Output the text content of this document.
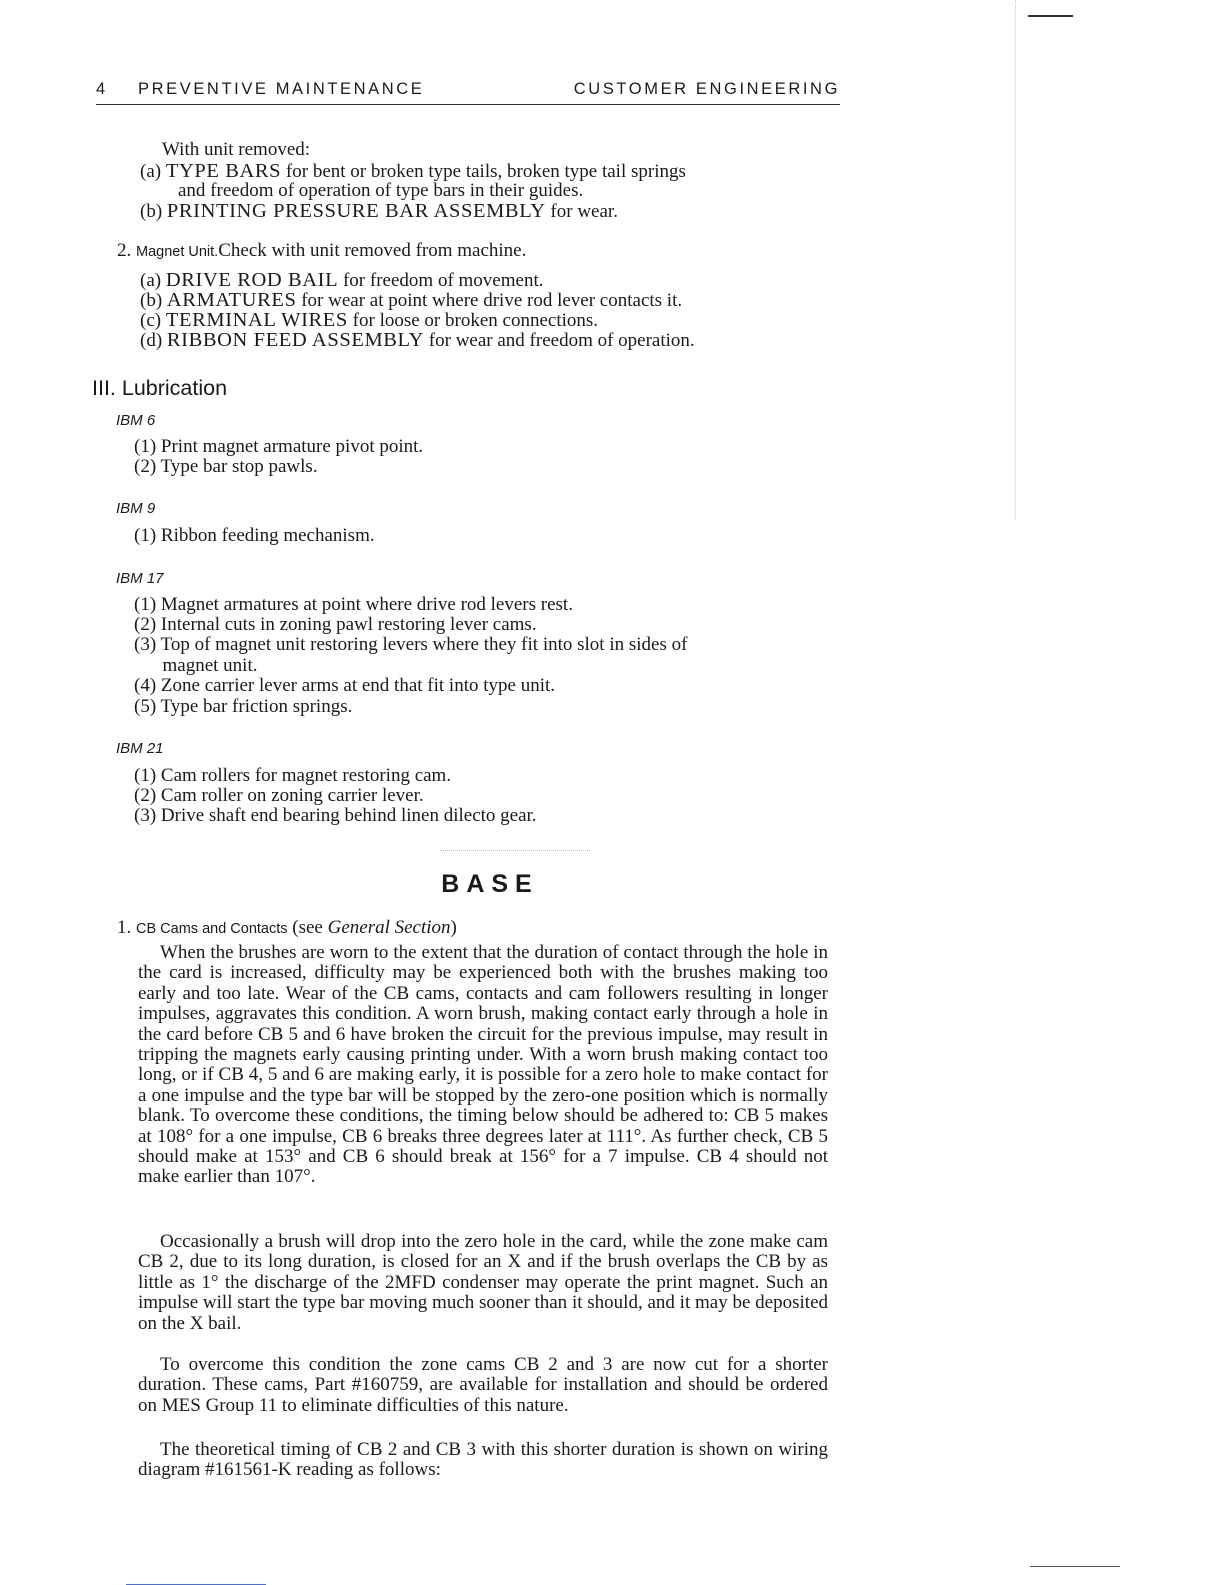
4 PREVENTIVE MAINTENANCE	CUSTOMER ENGINEERING
With unit removed:
(a) TYPE BARS for bent or broken type tails, broken type tail springs
and freedom of operation of type bars in their guides.
(b) PRINTING PRESSURE BAR ASSEMBLY for wear.
2. Magnet Unit.Check with unit removed from machine.
(a) DRIVE ROD BAIL for freedom of movement.
(b) ARMATURES for wear at point where drive rod lever contacts it.
(c) TERMINAL WIRES for loose or broken connections.
(d) RIBBON FEED ASSEMBLY for wear and freedom of operation.
III. Lubrication
IBM 6
(1) Print magnet armature pivot point.
(2) Type bar stop pawls.
IBM 9
(1) Ribbon feeding mechanism.
IBM 17
(1) Magnet armatures at point where drive rod levers rest.
(2) Internal cuts in zoning pawl restoring lever cams.
(3) Top of magnet unit restoring levers where they fit into slot in sides of
magnet unit.
(4) Zone carrier lever arms at end that fit into type unit.
(5) Type bar friction springs.
IBM 21
(1) Cam rollers for magnet restoring cam.
(2) Cam roller on zoning carrier lever.
(3) Drive shaft end bearing behind linen dilecto gear.
BASE
1. CB Cams and Contacts (see General Section)
When the brushes are worn to the extent that the duration of contact through the hole in the card is increased, difficulty may be experienced both with the brushes making too early and too late. Wear of the CB cams, contacts and cam followers resulting in longer impulses, aggravates this condition. A worn brush, making contact early through a hole in the card before CB 5 and 6 have broken the circuit for the previous impulse, may result in tripping the magnets early causing printing under. With a worn brush making contact too long, or if CB 4, 5 and 6 are making early, it is possible for a zero hole to make contact for a one impulse and the type bar will be stopped by the zero-one position which is normally blank. To overcome these conditions, the timing below should be adhered to: CB 5 makes at 108° for a one impulse, CB 6 breaks three degrees later at 111°. As further check, CB 5 should make at 153° and CB 6 should break at 156° for a 7 impulse. CB 4 should not make earlier than 107°.
Occasionally a brush will drop into the zero hole in the card, while the zone make cam CB 2, due to its long duration, is closed for an X and if the brush overlaps the CB by as little as 1° the discharge of the 2MFD condenser may operate the print magnet. Such an impulse will start the type bar moving much sooner than it should, and it may be deposited on the X bail.
To overcome this condition the zone cams CB 2 and 3 are now cut for a shorter duration. These cams, Part #160759, are available for installation and should be ordered on MES Group 11 to eliminate difficulties of this nature.
The theoretical timing of CB 2 and CB 3 with this shorter duration is shown on wiring diagram #161561-K reading as follows:
